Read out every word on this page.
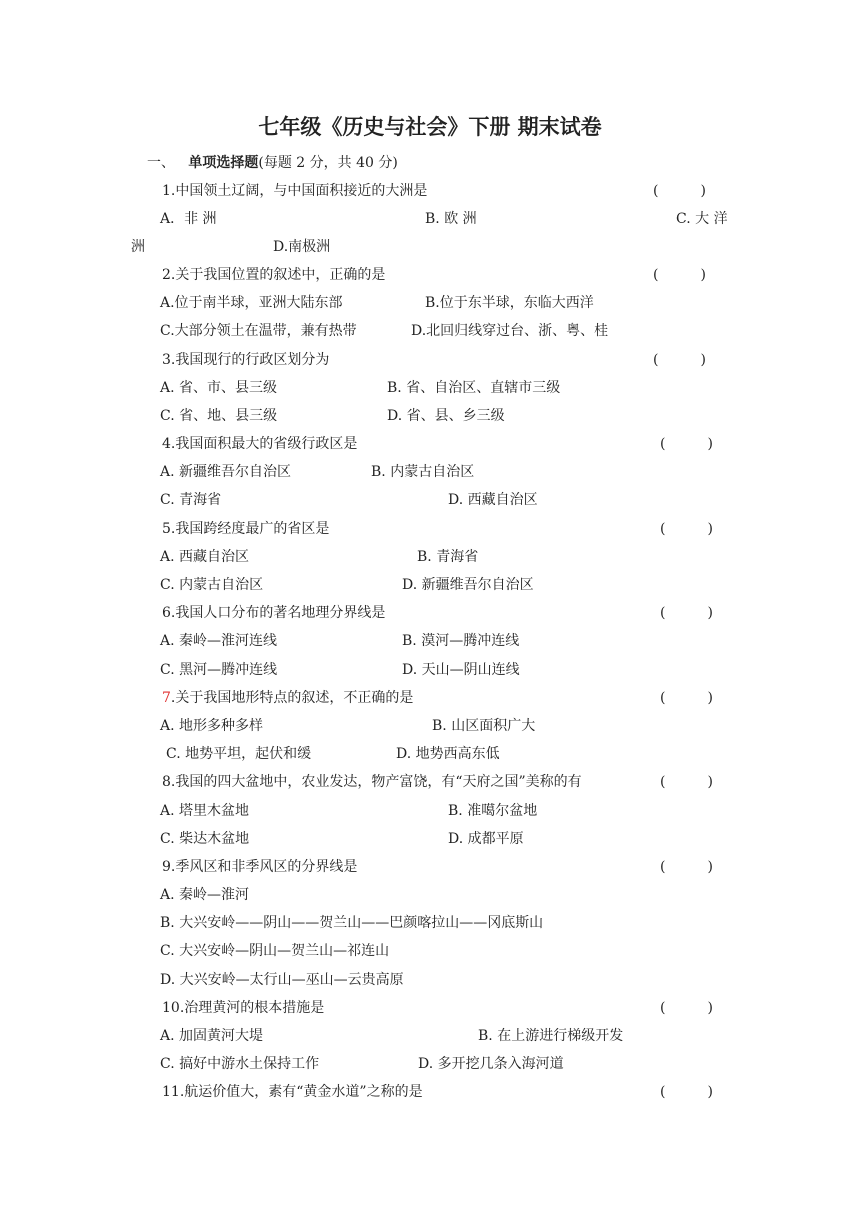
七年级《历史与社会》下册 期末试卷
一、 单项选择题(每题 2 分，共 40 分)
1.中国领土辽阔，与中国面积接近的大洲是	(　　　)
A．非 洲	B. 欧 洲	C. 大 洋
洲	D.南极洲
2.关于我国位置的叙述中，正确的是	(　　　)
A.位于南半球，亚洲大陆东部	B.位于东半球，东临大西洋
C.大部分领土在温带，兼有热带	D.北回归线穿过台、浙、粤、桂
3.我国现行的行政区划分为	(　　　)
A. 省、市、县三级	B. 省、自治区、直辖市三级
C. 省、地、县三级	D. 省、县、乡三级
4.我国面积最大的省级行政区是	(　　　)
A. 新疆维吾尔自治区	B. 内蒙古自治区
C. 青海省	D. 西藏自治区
5.我国跨经度最广的省区是	(　　　)
A. 西藏自治区	B. 青海省
C. 内蒙古自治区	D. 新疆维吾尔自治区
6.我国人口分布的著名地理分界线是	(　　　)
A. 秦岭—淮河连线	B. 漠河—腾冲连线
C. 黑河—腾冲连线	D. 天山—阴山连线
7.关于我国地形特点的叙述，不正确的是	(　　　)
A. 地形多种多样	B. 山区面积广大
C. 地势平坦，起伏和缓	D. 地势西高东低
8.我国的四大盆地中，农业发达，物产富饶，有“天府之国”美称的有	(　　　)
A. 塔里木盆地	B. 准噶尔盆地
C. 柴达木盆地	D. 成都平原
9.季风区和非季风区的分界线是	(　　　)
A. 秦岭—淮河
B. 大兴安岭——阴山——贺兰山——巴颜喀拉山——冈底斯山
C. 大兴安岭—阴山—贺兰山—祁连山
D. 大兴安岭—太行山—巫山—云贵高原
10.治理黄河的根本措施是	(　　　)
A. 加固黄河大堤	B. 在上游进行梯级开发
C. 搞好中游水土保持工作	D. 多开挖几条入海河道
11.航运价值大，素有“黄金水道”之称的是	(　　　)
